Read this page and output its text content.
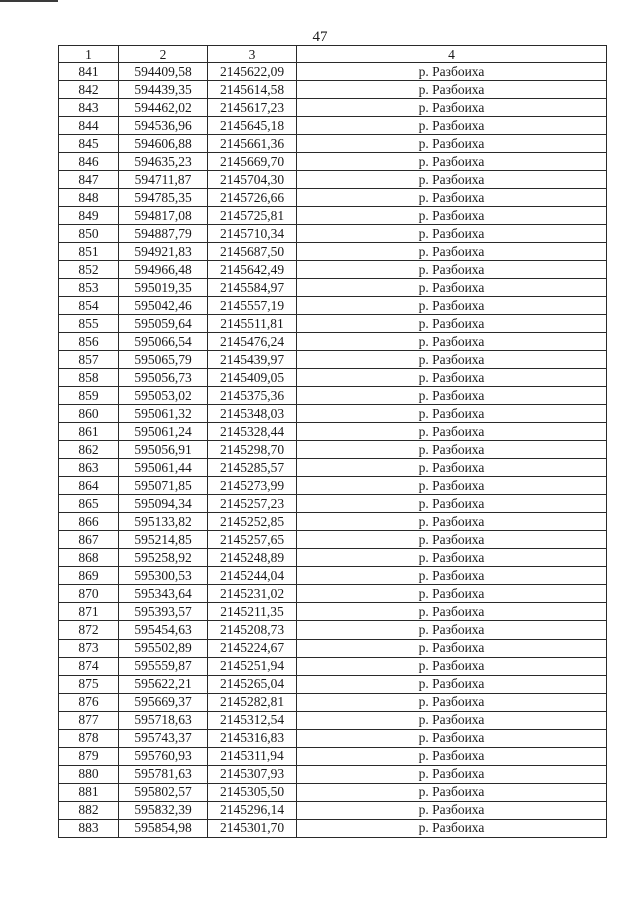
47
1	2	3	4
841	594409,58	2145622,09	р. Разбоиха
842	594439,35	2145614,58	р. Разбоиха
843	594462,02	2145617,23	р. Разбоиха
844	594536,96	2145645,18	р. Разбоиха
845	594606,88	2145661,36	р. Разбоиха
846	594635,23	2145669,70	р. Разбоиха
847	594711,87	2145704,30	р. Разбоиха
848	594785,35	2145726,66	р. Разбоиха
849	594817,08	2145725,81	р. Разбоиха
850	594887,79	2145710,34	р. Разбоиха
851	594921,83	2145687,50	р. Разбоиха
852	594966,48	2145642,49	р. Разбоиха
853	595019,35	2145584,97	р. Разбоиха
854	595042,46	2145557,19	р. Разбоиха
855	595059,64	2145511,81	р. Разбоиха
856	595066,54	2145476,24	р. Разбоиха
857	595065,79	2145439,97	р. Разбоиха
858	595056,73	2145409,05	р. Разбоиха
859	595053,02	2145375,36	р. Разбоиха
860	595061,32	2145348,03	р. Разбоиха
861	595061,24	2145328,44	р. Разбоиха
862	595056,91	2145298,70	р. Разбоиха
863	595061,44	2145285,57	р. Разбоиха
864	595071,85	2145273,99	р. Разбоиха
865	595094,34	2145257,23	р. Разбоиха
866	595133,82	2145252,85	р. Разбоиха
867	595214,85	2145257,65	р. Разбоиха
868	595258,92	2145248,89	р. Разбоиха
869	595300,53	2145244,04	р. Разбоиха
870	595343,64	2145231,02	р. Разбоиха
871	595393,57	2145211,35	р. Разбоиха
872	595454,63	2145208,73	р. Разбоиха
873	595502,89	2145224,67	р. Разбоиха
874	595559,87	2145251,94	р. Разбоиха
875	595622,21	2145265,04	р. Разбоиха
876	595669,37	2145282,81	р. Разбоиха
877	595718,63	2145312,54	р. Разбоиха
878	595743,37	2145316,83	р. Разбоиха
879	595760,93	2145311,94	р. Разбоиха
880	595781,63	2145307,93	р. Разбоиха
881	595802,57	2145305,50	р. Разбоиха
882	595832,39	2145296,14	р. Разбоиха
883	595854,98	2145301,70	р. Разбоиха
